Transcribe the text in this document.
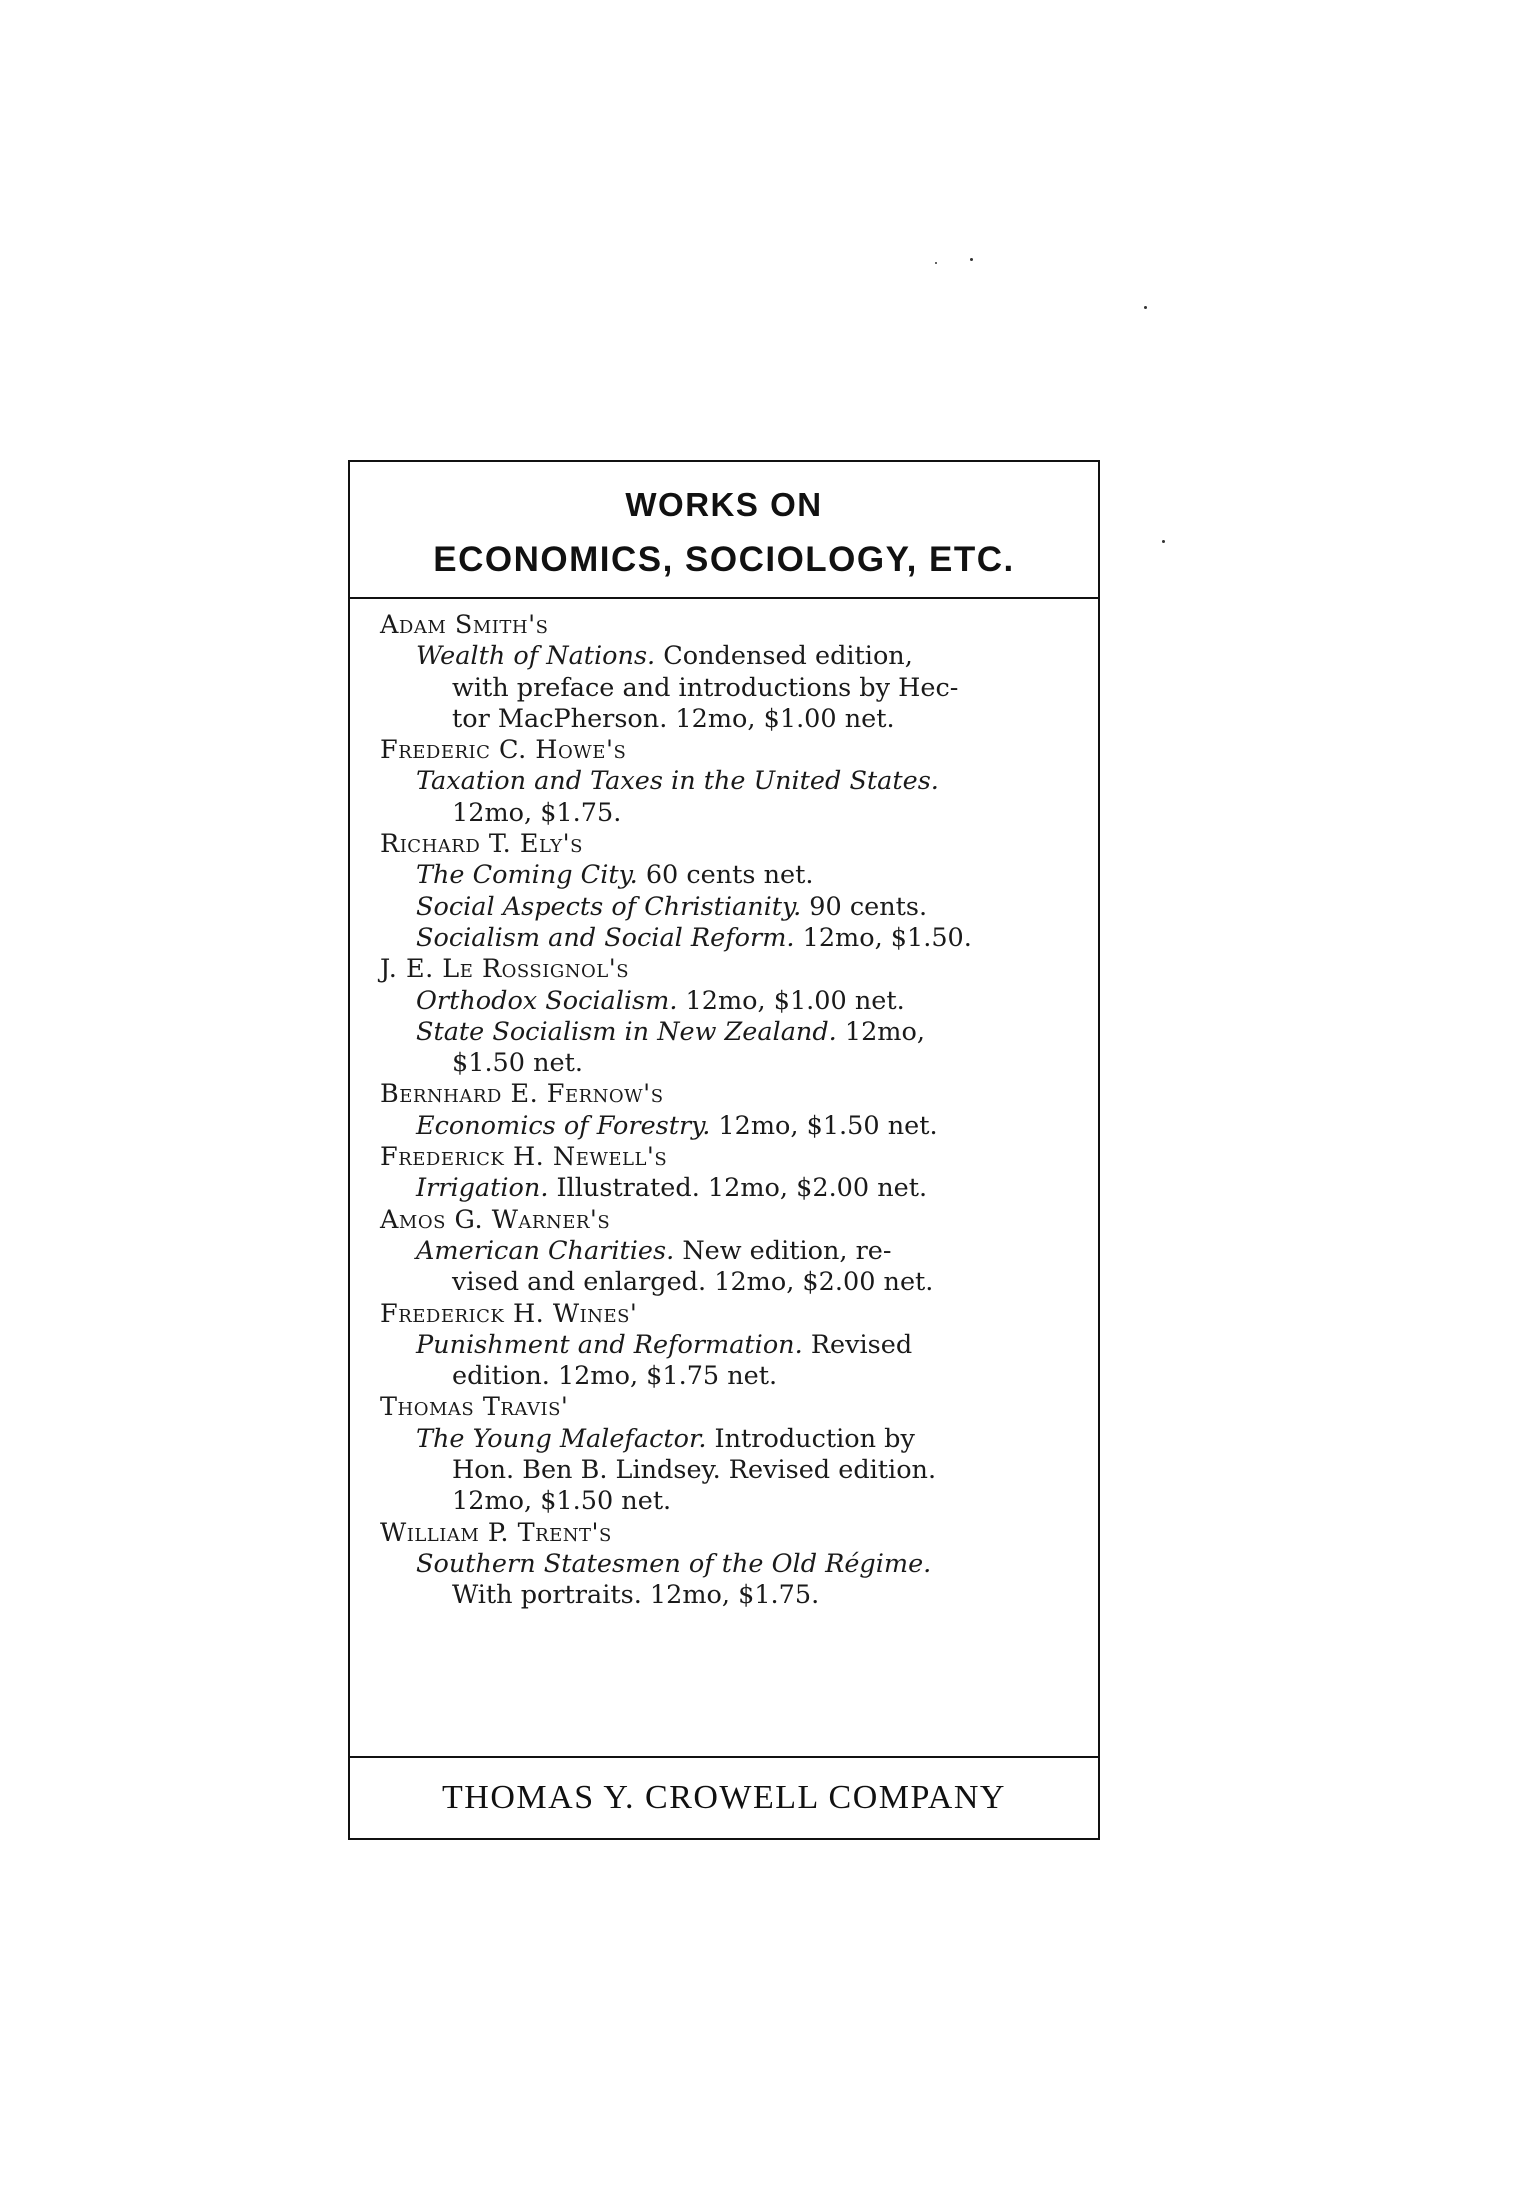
WORKS ON
ECONOMICS, SOCIOLOGY, ETC.
Adam Smith's
Wealth of Nations. Condensed edition,
with preface and introductions by Hec-
tor MacPherson. 12mo, $1.00 net.
Frederic C. Howe's
Taxation and Taxes in the United States.
12mo, $1.75.
Richard T. Ely's
The Coming City. 60 cents net.
Social Aspects of Christianity. 90 cents.
Socialism and Social Reform. 12mo, $1.50.
J. E. Le Rossignol's
Orthodox Socialism. 12mo, $1.00 net.
State Socialism in New Zealand. 12mo,
$1.50 net.
Bernhard E. Fernow's
Economics of Forestry. 12mo, $1.50 net.
Frederick H. Newell's
Irrigation. Illustrated. 12mo, $2.00 net.
Amos G. Warner's
American Charities. New edition, re-
vised and enlarged. 12mo, $2.00 net.
Frederick H. Wines'
Punishment and Reformation. Revised
edition. 12mo, $1.75 net.
Thomas Travis'
The Young Malefactor. Introduction by
Hon. Ben B. Lindsey. Revised edition.
12mo, $1.50 net.
William P. Trent's
Southern Statesmen of the Old Régime.
With portraits. 12mo, $1.75.
THOMAS Y. CROWELL COMPANY
